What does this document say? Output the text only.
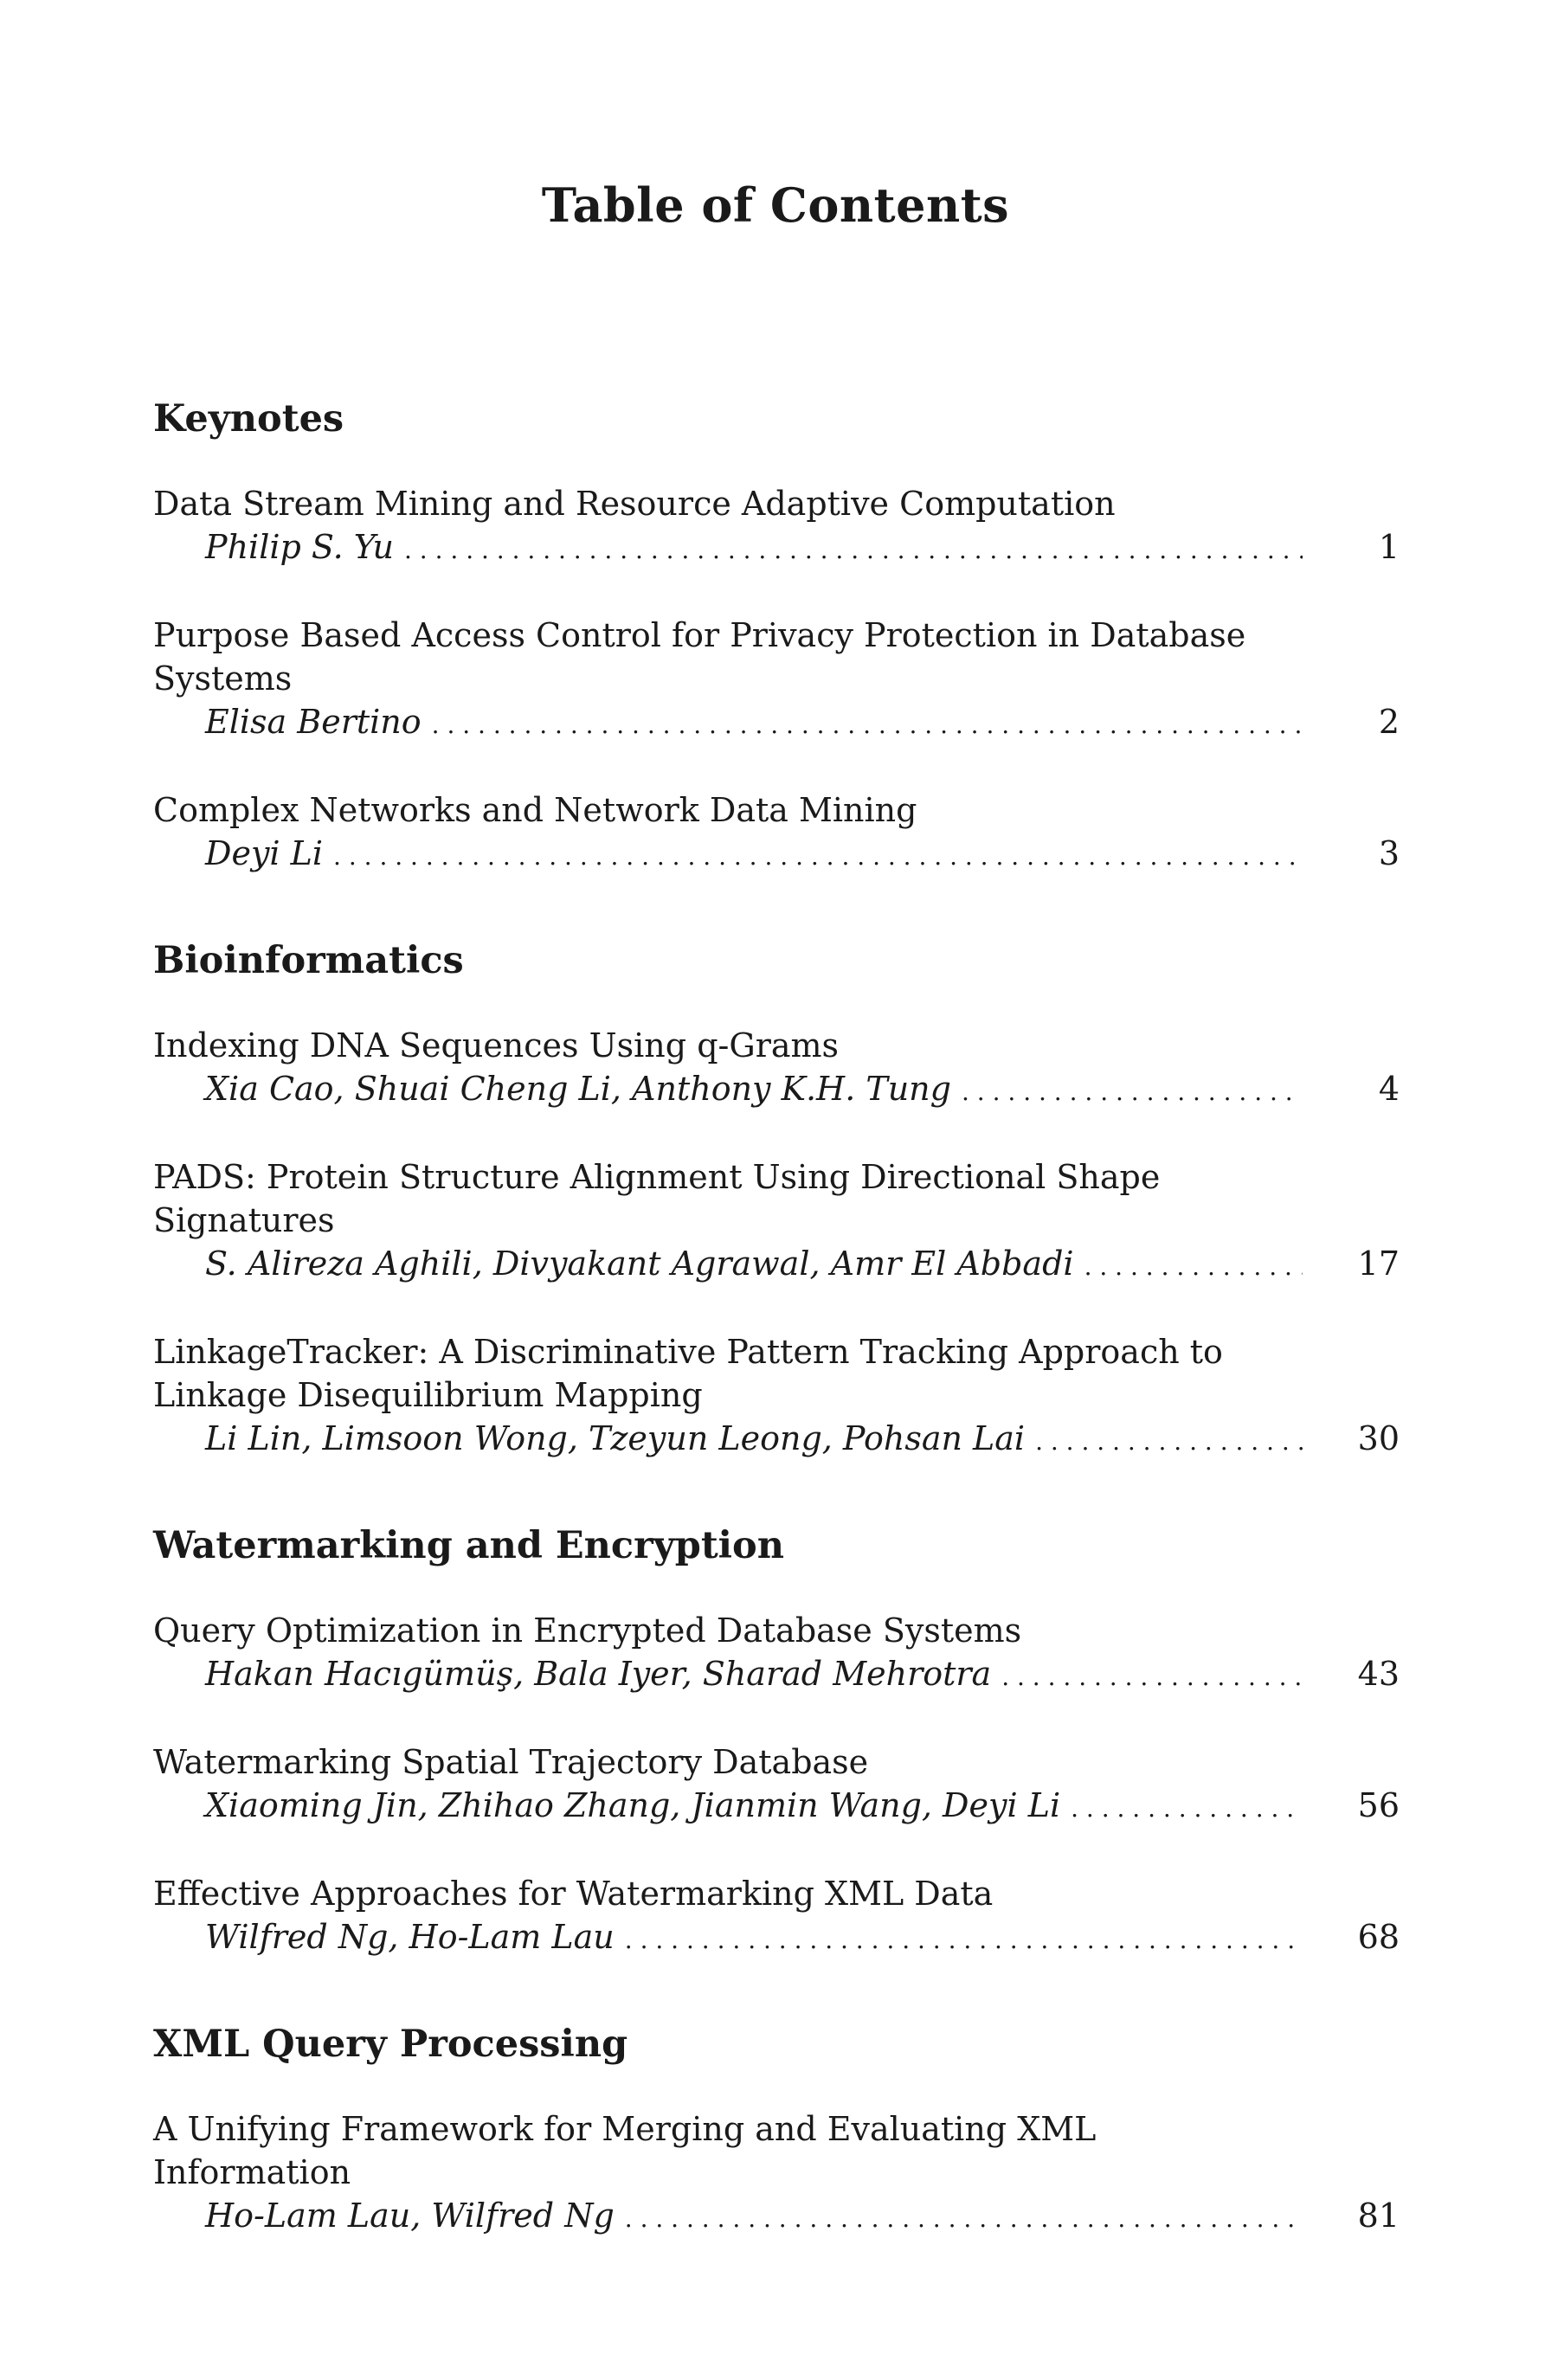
Table of Contents
Keynotes
Data Stream Mining and Resource Adaptive Computation
Philip S. Yu . . .	1
Purpose Based Access Control for Privacy Protection in Database Systems
Elisa Bertino . . .	2
Complex Networks and Network Data Mining
Deyi Li . . .	3
Bioinformatics
Indexing DNA Sequences Using q-Grams
Xia Cao, Shuai Cheng Li, Anthony K.H. Tung . . .	4
PADS: Protein Structure Alignment Using Directional Shape Signatures
S. Alireza Aghili, Divyakant Agrawal, Amr El Abbadi . . .	17
LinkageTracker: A Discriminative Pattern Tracking Approach to Linkage Disequilibrium Mapping
Li Lin, Limsoon Wong, Tzeyun Leong, Pohsan Lai . . .	30
Watermarking and Encryption
Query Optimization in Encrypted Database Systems
Hakan Hacıgümüş, Bala Iyer, Sharad Mehrotra . . .	43
Watermarking Spatial Trajectory Database
Xiaoming Jin, Zhihao Zhang, Jianmin Wang, Deyi Li . . .	56
Effective Approaches for Watermarking XML Data
Wilfred Ng, Ho-Lam Lau . . .	68
XML Query Processing
A Unifying Framework for Merging and Evaluating XML Information
Ho-Lam Lau, Wilfred Ng . . .	81
